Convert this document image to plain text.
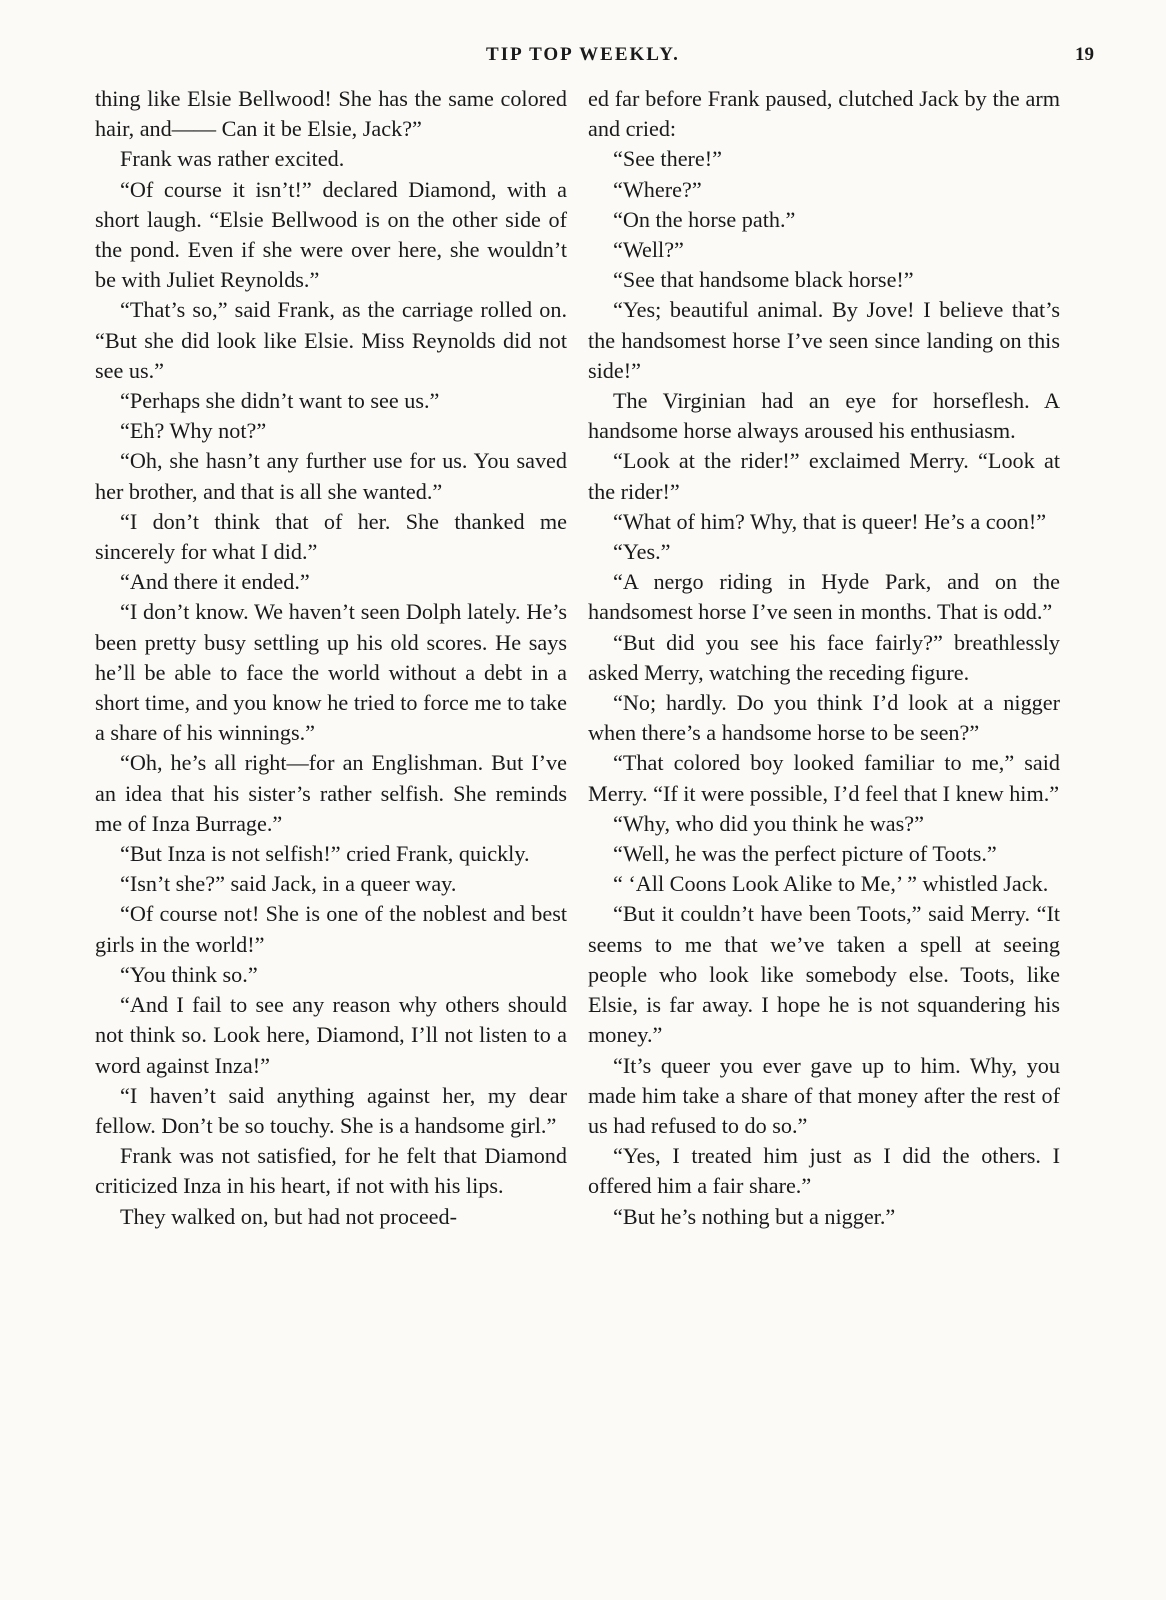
TIP TOP WEEKLY.	19

thing like Elsie Bellwood! She has the same colored hair, and—— Can it be Elsie, Jack?”

Frank was rather excited.

“Of course it isn’t!” declared Diamond, with a short laugh. “Elsie Bellwood is on the other side of the pond. Even if she were over here, she wouldn’t be with Juliet Reynolds.”

“That’s so,” said Frank, as the carriage rolled on. “But she did look like Elsie. Miss Reynolds did not see us.”

“Perhaps she didn’t want to see us.”

“Eh? Why not?”

“Oh, she hasn’t any further use for us. You saved her brother, and that is all she wanted.”

“I don’t think that of her. She thanked me sincerely for what I did.”

“And there it ended.”

“I don’t know. We haven’t seen Dolph lately. He’s been pretty busy settling up his old scores. He says he’ll be able to face the world without a debt in a short time, and you know he tried to force me to take a share of his winnings.”

“Oh, he’s all right—for an Englishman. But I’ve an idea that his sister’s rather selfish. She reminds me of Inza Burrage.”

“But Inza is not selfish!” cried Frank, quickly.

“Isn’t she?” said Jack, in a queer way.

“Of course not! She is one of the noblest and best girls in the world!”

“You think so.”

“And I fail to see any reason why others should not think so. Look here, Diamond, I’ll not listen to a word against Inza!”

“I haven’t said anything against her, my dear fellow. Don’t be so touchy. She is a handsome girl.”

Frank was not satisfied, for he felt that Diamond criticized Inza in his heart, if not with his lips.

They walked on, but had not proceed-

ed far before Frank paused, clutched Jack by the arm and cried:

“See there!”

“Where?”

“On the horse path.”

“Well?”

“See that handsome black horse!”

“Yes; beautiful animal. By Jove! I believe that’s the handsomest horse I’ve seen since landing on this side!”

The Virginian had an eye for horseflesh. A handsome horse always aroused his enthusiasm.

“Look at the rider!” exclaimed Merry. “Look at the rider!”

“What of him? Why, that is queer! He’s a coon!”

“Yes.”

“A nergo riding in Hyde Park, and on the handsomest horse I’ve seen in months. That is odd.”

“But did you see his face fairly?” breathlessly asked Merry, watching the receding figure.

“No; hardly. Do you think I’d look at a nigger when there’s a handsome horse to be seen?”

“That colored boy looked familiar to me,” said Merry. “If it were possible, I’d feel that I knew him.”

“Why, who did you think he was?”

“Well, he was the perfect picture of Toots.”

“ ‘All Coons Look Alike to Me,’ ” whistled Jack.

“But it couldn’t have been Toots,” said Merry. “It seems to me that we’ve taken a spell at seeing people who look like somebody else. Toots, like Elsie, is far away. I hope he is not squandering his money.”

“It’s queer you ever gave up to him. Why, you made him take a share of that money after the rest of us had refused to do so.”

“Yes, I treated him just as I did the others. I offered him a fair share.”

“But he’s nothing but a nigger.”
